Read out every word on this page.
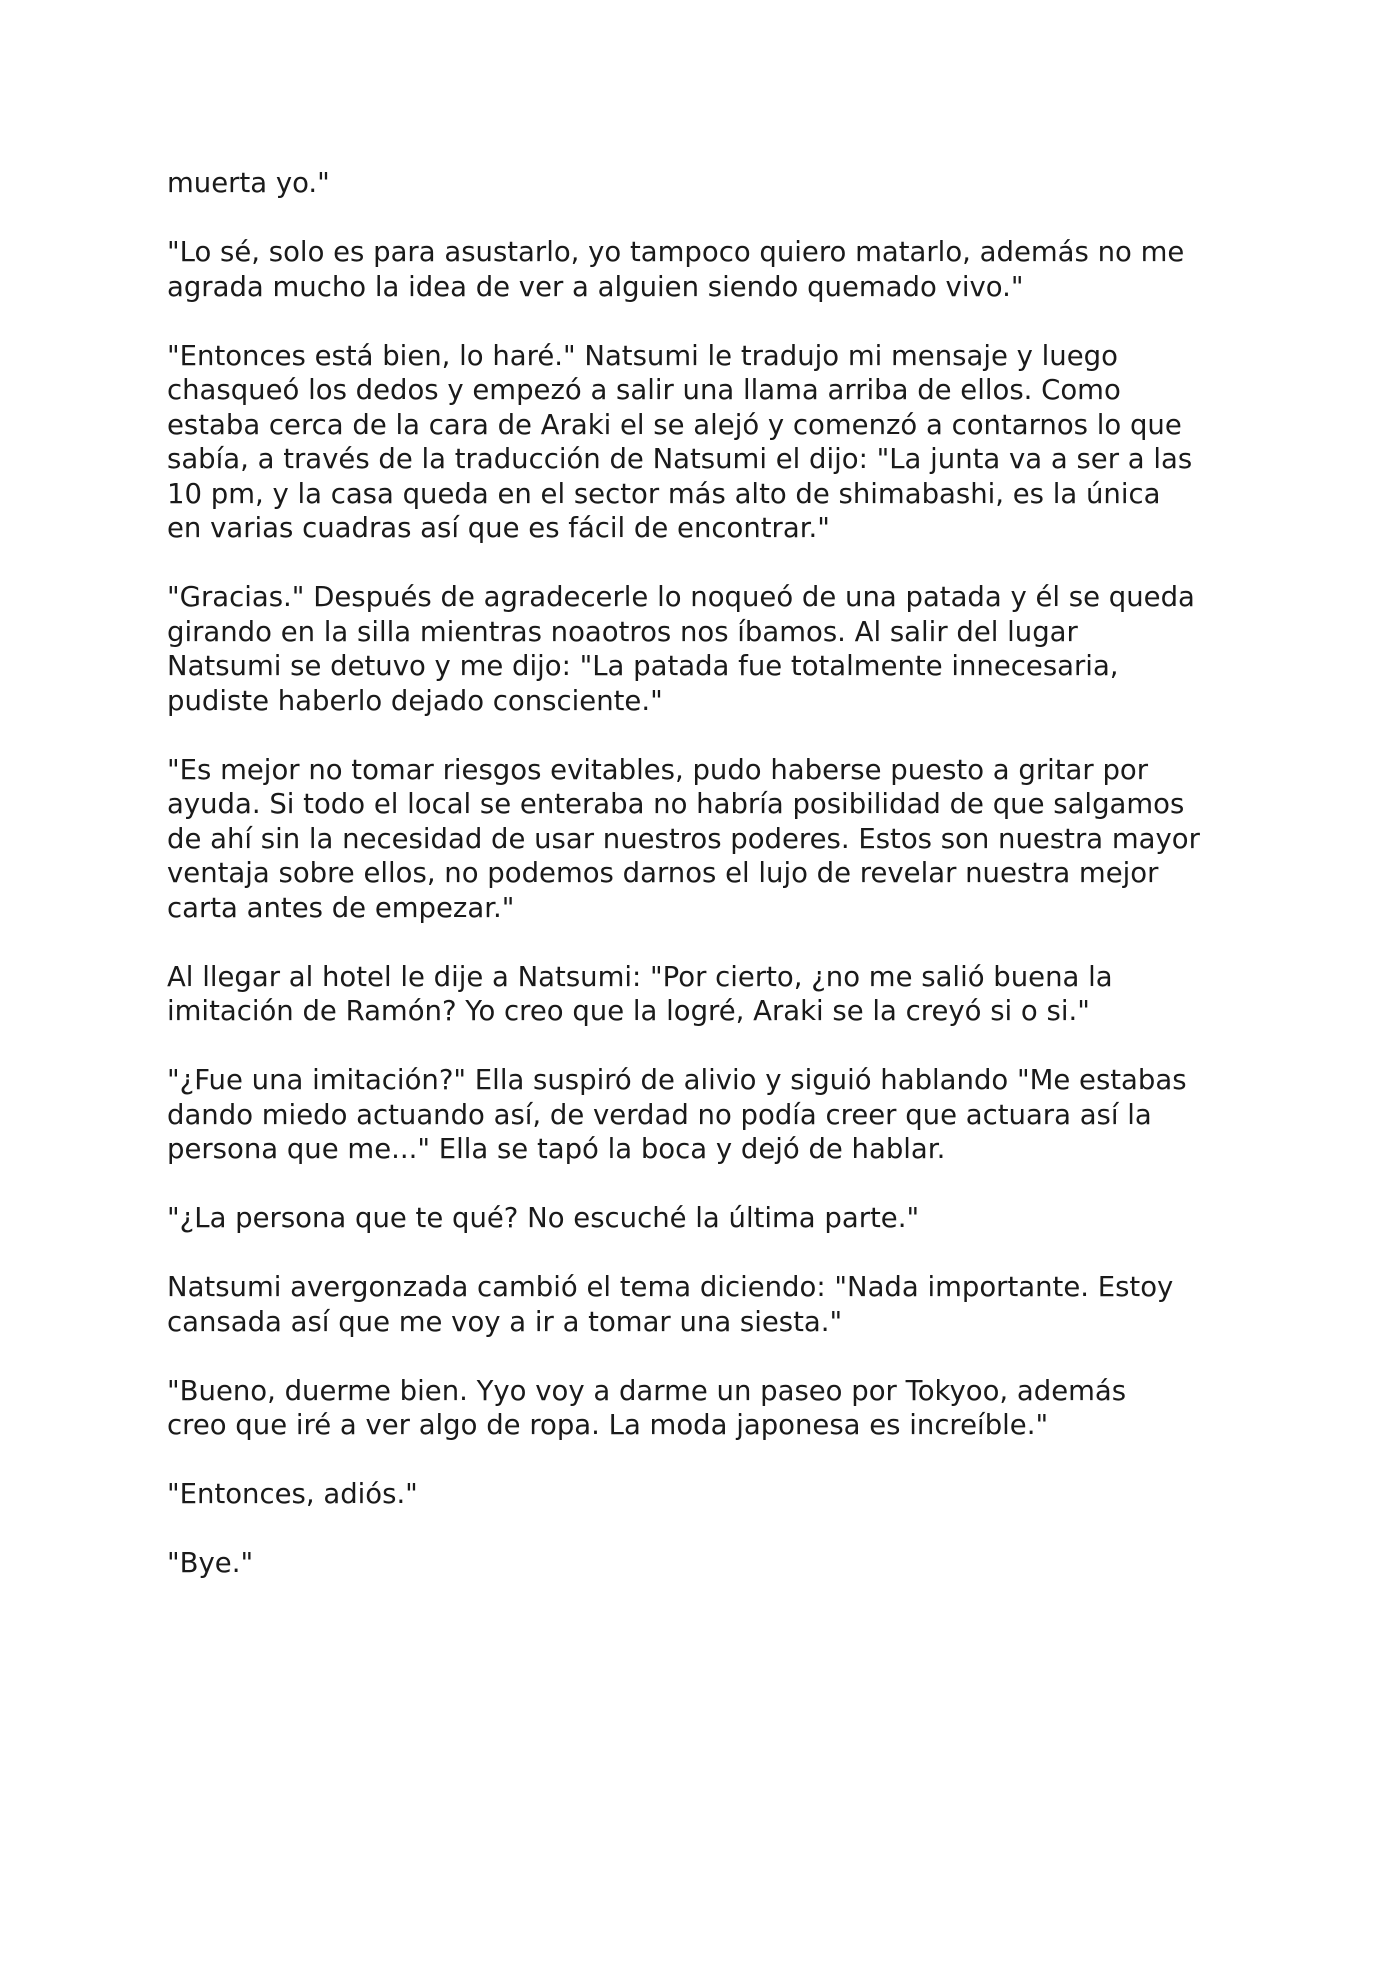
muerta yo."

"Lo sé, solo es para asustarlo, yo tampoco quiero matarlo, además no me
agrada mucho la idea de ver a alguien siendo quemado vivo."

"Entonces está bien, lo haré." Natsumi le tradujo mi mensaje y luego
chasqueó los dedos y empezó a salir una llama arriba de ellos. Como
estaba cerca de la cara de Araki el se alejó y comenzó a contarnos lo que
sabía, a través de la traducción de Natsumi el dijo: "La junta va a ser a las
10 pm, y la casa queda en el sector más alto de shimabashi, es la única
en varias cuadras así que es fácil de encontrar."

"Gracias." Después de agradecerle lo noqueó de una patada y él se queda
girando en la silla mientras noaotros nos íbamos. Al salir del lugar
Natsumi se detuvo y me dijo: "La patada fue totalmente innecesaria,
pudiste haberlo dejado consciente."

"Es mejor no tomar riesgos evitables, pudo haberse puesto a gritar por
ayuda. Si todo el local se enteraba no habría posibilidad de que salgamos
de ahí sin la necesidad de usar nuestros poderes. Estos son nuestra mayor
ventaja sobre ellos, no podemos darnos el lujo de revelar nuestra mejor
carta antes de empezar."

Al llegar al hotel le dije a Natsumi: "Por cierto, ¿no me salió buena la
imitación de Ramón? Yo creo que la logré, Araki se la creyó si o si."

"¿Fue una imitación?" Ella suspiró de alivio y siguió hablando "Me estabas
dando miedo actuando así, de verdad no podía creer que actuara así la
persona que me..." Ella se tapó la boca y dejó de hablar.

"¿La persona que te qué? No escuché la última parte."

Natsumi avergonzada cambió el tema diciendo: "Nada importante. Estoy
cansada así que me voy a ir a tomar una siesta."

"Bueno, duerme bien. Yyo voy a darme un paseo por Tokyoo, además
creo que iré a ver algo de ropa. La moda japonesa es increíble."

"Entonces, adiós."

"Bye."
